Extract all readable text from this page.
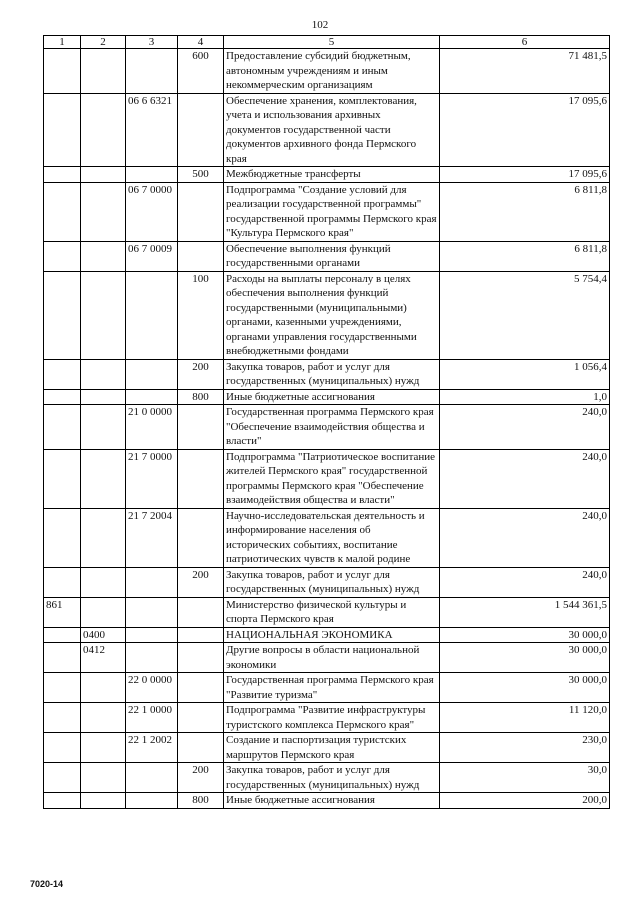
102
1	2	3	4	5	6
			600	Предоставление субсидий бюджетным, автономным учреждениям и иным некоммерческим организациям	71 481,5
		06 6 6321		Обеспечение хранения, комплектования, учета и использования архивных документов государственной части документов архивного фонда Пермского края	17 095,6
			500	Межбюджетные трансферты	17 095,6
		06 7 0000		Подпрограмма "Создание условий для реализации государственной программы" государственной программы Пермского края "Культура Пермского края"	6 811,8
		06 7 0009		Обеспечение выполнения функций государственными органами	6 811,8
			100	Расходы на выплаты персоналу в целях обеспечения выполнения функций государственными (муниципальными) органами, казенными учреждениями, органами управления государственными внебюджетными фондами	5 754,4
			200	Закупка товаров, работ и услуг для государственных (муниципальных) нужд	1 056,4
			800	Иные бюджетные ассигнования	1,0
		21 0 0000		Государственная программа Пермского края "Обеспечение взаимодействия общества и власти"	240,0
		21 7 0000		Подпрограмма "Патриотическое воспитание жителей Пермского края" государственной программы Пермского края "Обеспечение взаимодействия общества и власти"	240,0
		21 7 2004		Научно-исследовательская деятельность и информирование населения об исторических событиях, воспитание патриотических чувств к малой родине	240,0
			200	Закупка товаров, работ и услуг для государственных (муниципальных) нужд	240,0
861				Министерство физической культуры и спорта Пермского края	1 544 361,5
	0400			НАЦИОНАЛЬНАЯ ЭКОНОМИКА	30 000,0
	0412			Другие вопросы в области национальной экономики	30 000,0
		22 0 0000		Государственная программа Пермского края "Развитие туризма"	30 000,0
		22 1 0000		Подпрограмма "Развитие инфраструктуры туристского комплекса Пермского края"	11 120,0
		22 1 2002		Создание и паспортизация туристских маршрутов Пермского края	230,0
			200	Закупка товаров, работ и услуг для государственных (муниципальных) нужд	30,0
			800	Иные бюджетные ассигнования	200,0
7020-14
